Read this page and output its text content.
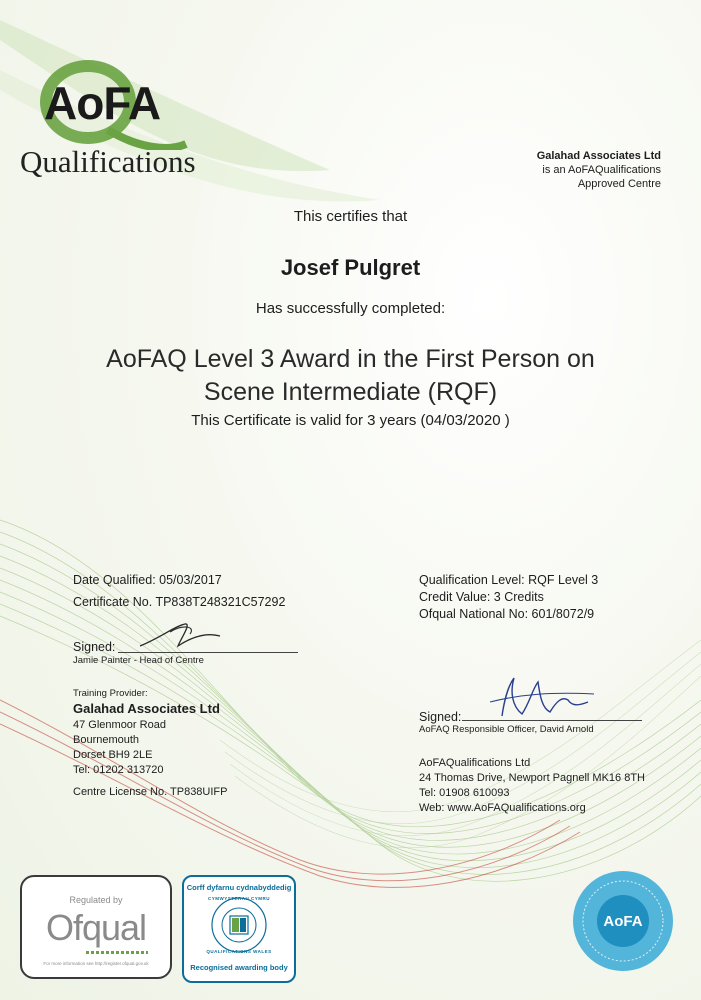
AoFA
Qualifications	Galahad Associates Ltd
is an AoFAQualifications
Approved Centre
This certifies that
Josef Pulgret
Has successfully completed:
AoFAQ Level 3 Award in the First Person on
Scene Intermediate (RQF)
This Certificate is valid for 3 years (04/03/2020 )
Date Qualified: 05/03/2017
Certificate No. TP838T248321C57292
Qualification Level: RQF Level 3
Credit Value: 3 Credits
Ofqual National No: 601/8072/9
Signed:
Jamie Painter - Head of Centre
Training Provider:
Galahad Associates Ltd
47 Glenmoor Road
Bournemouth
Dorset BH9 2LE
Tel: 01202 313720
Centre License No. TP838UIFP
Signed:
AoFAQ Responsible Officer, David Arnold
AoFAQualifications Ltd
24 Thomas Drive, Newport Pagnell MK16 8TH
Tel: 01908 610093
Web: www.AoFAQualifications.org
Regulated by
Ofqual
For more information see http://register.ofqual.gov.uk
Corff dyfarnu cydnabyddedig
CYMWYSTERAU CYMRU
QUALIFICATIONS WALES
Recognised awarding body
AoFA
